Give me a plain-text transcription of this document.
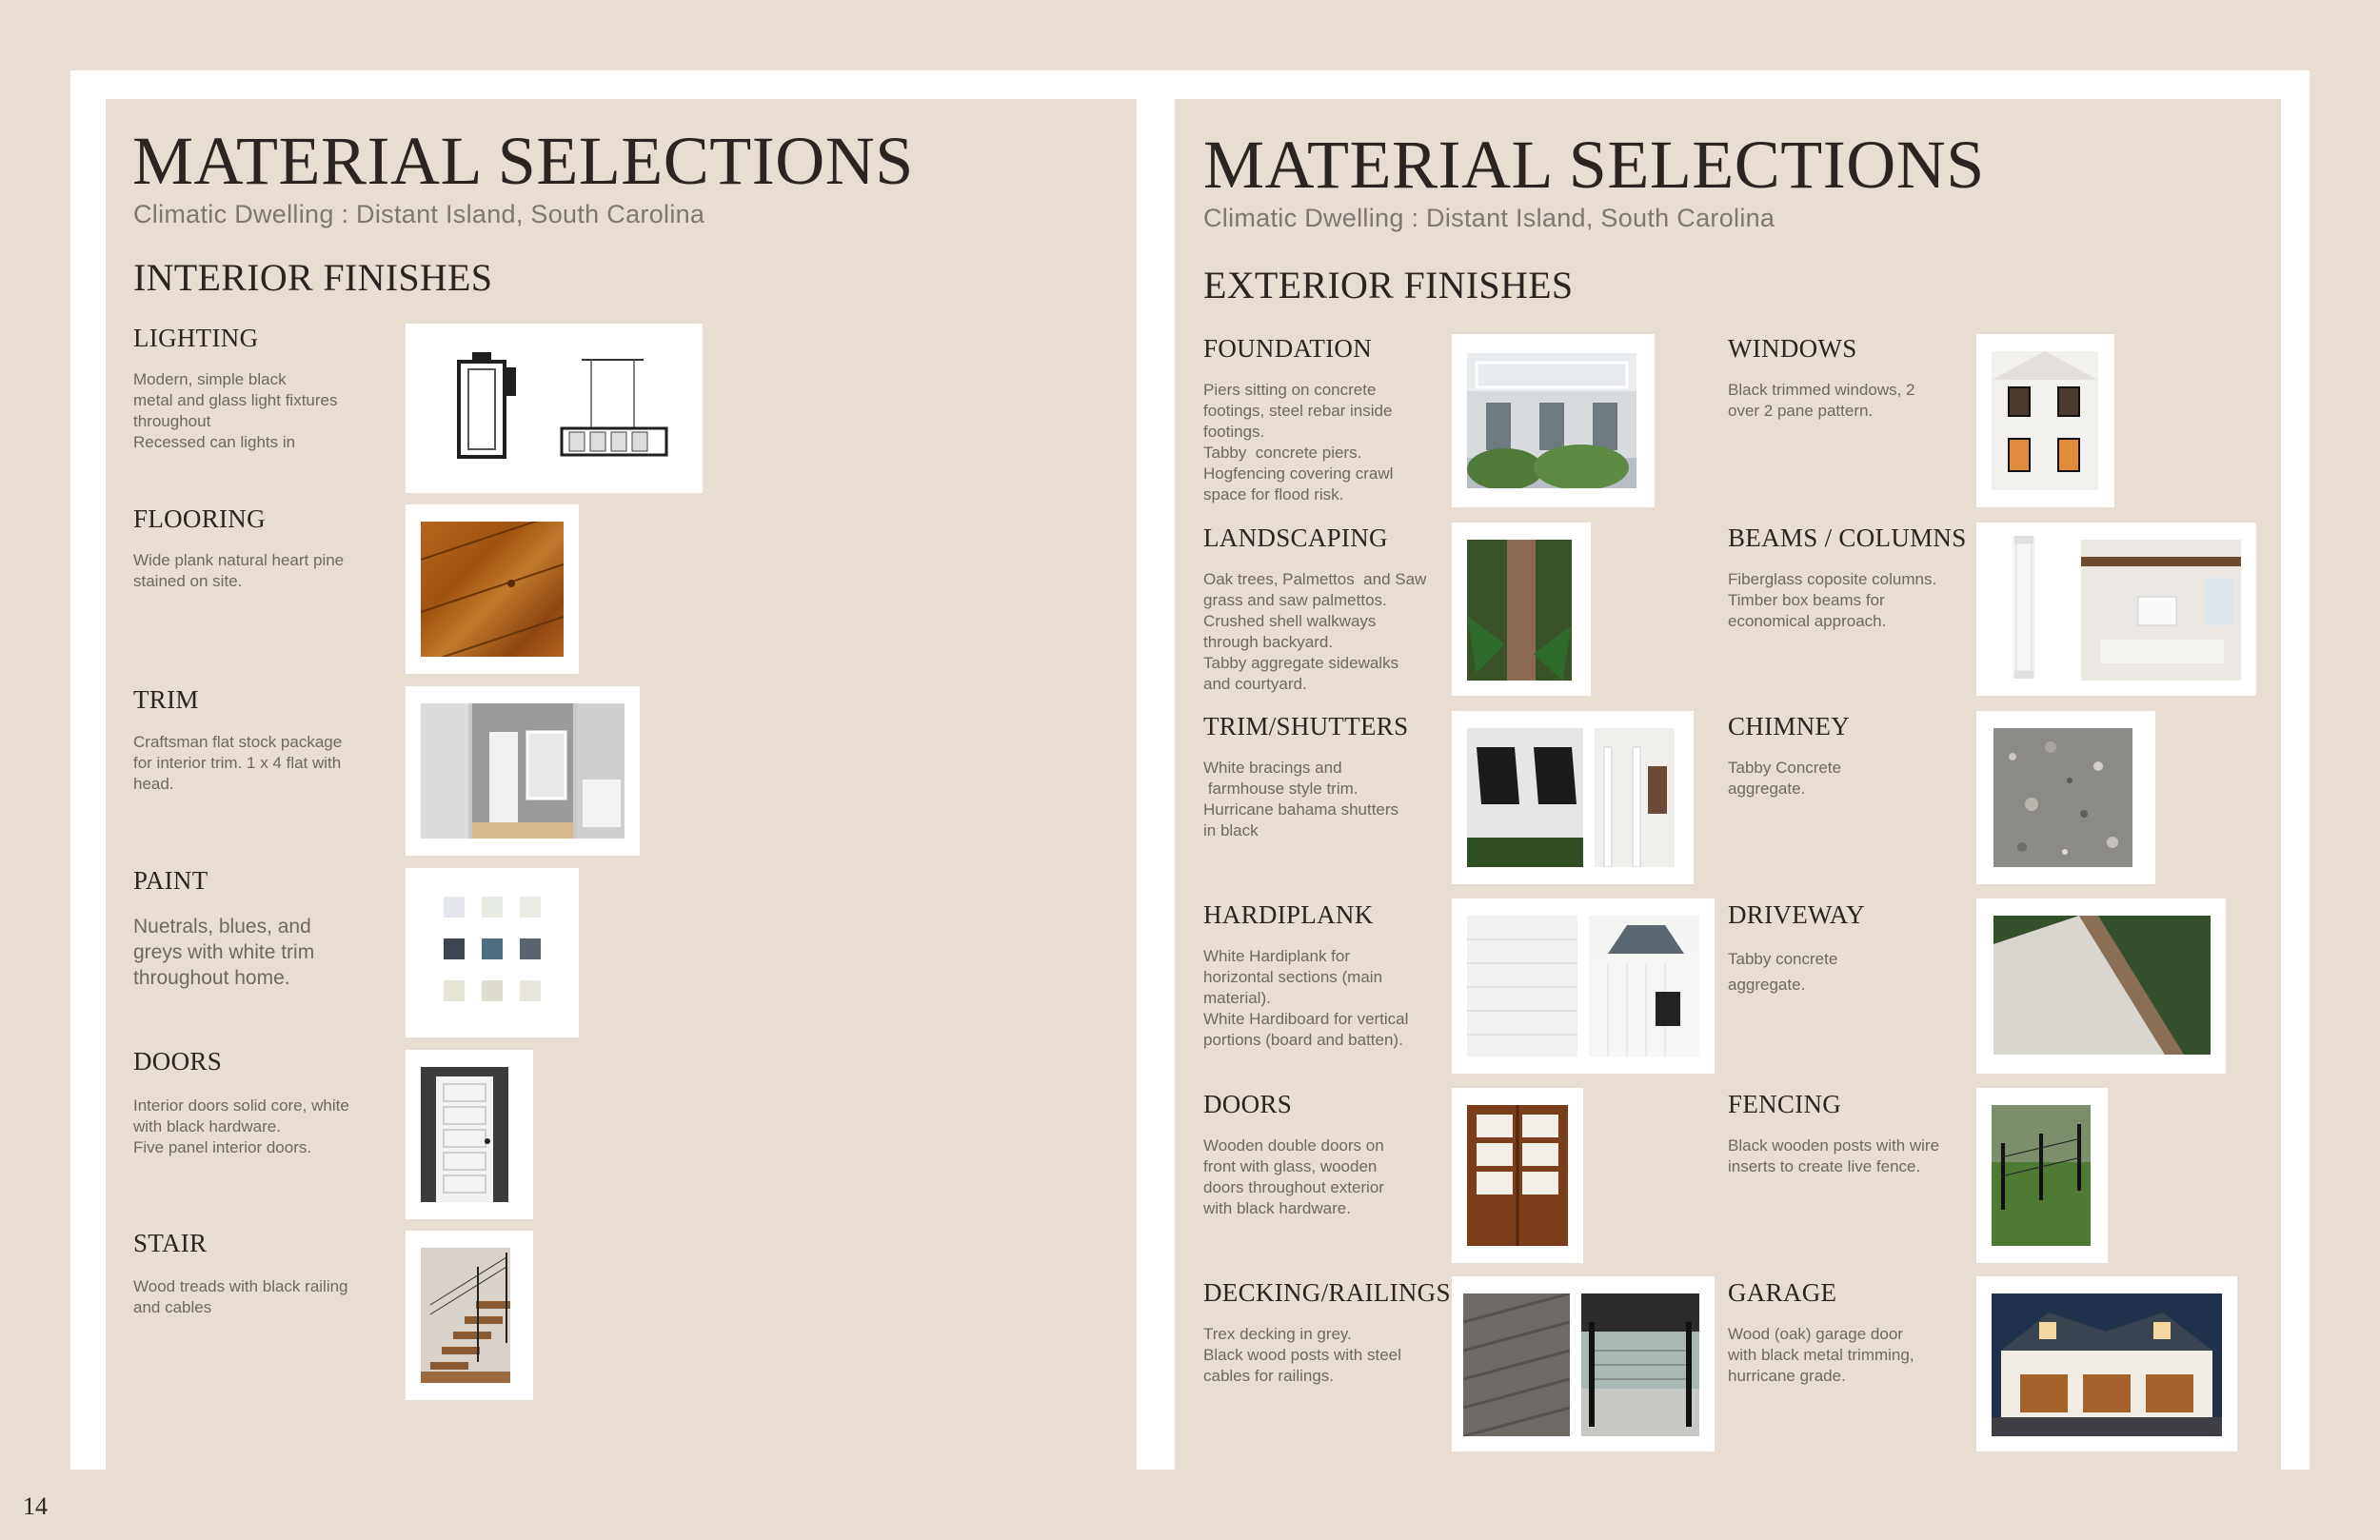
MATERIAL SELECTIONS
Climatic Dwelling : Distant Island, South Carolina
INTERIOR FINISHES
LIGHTING
Modern, simple black
metal and glass light fixtures
throughout
Recessed can lights in
FLOORING
Wide plank natural heart pine
stained on site.
TRIM
Craftsman flat stock package
for interior trim. 1 x 4 flat with
head.
PAINT
Nuetrals, blues, and
greys with white trim
throughout home.
DOORS
Interior doors solid core, white
with black hardware.
Five panel interior doors.
STAIR
Wood treads with black railing
and cables
MATERIAL SELECTIONS
Climatic Dwelling : Distant Island, South Carolina
EXTERIOR FINISHES
FOUNDATION
Piers sitting on concrete
footings, steel rebar inside
footings.
Tabby  concrete piers.
Hogfencing covering crawl
space for flood risk.
LANDSCAPING
Oak trees, Palmettos  and Saw
grass and saw palmettos.
Crushed shell walkways
through backyard.
Tabby aggregate sidewalks
and courtyard.
TRIM/SHUTTERS
White bracings and
farmhouse style trim.
Hurricane bahama shutters
in black
HARDIPLANK
White Hardiplank for
horizontal sections (main
material).
White Hardiboard for vertical
portions (board and batten).
DOORS
Wooden double doors on
front with glass, wooden
doors throughout exterior
with black hardware.
DECKING/RAILINGS
Trex decking in grey.
Black wood posts with steel
cables for railings.
WINDOWS
Black trimmed windows, 2
over 2 pane pattern.
BEAMS / COLUMNS
Fiberglass coposite columns.
Timber box beams for
economical approach.
CHIMNEY
Tabby Concrete
aggregate.
DRIVEWAY
Tabby concrete
aggregate.
FENCING
Black wooden posts with wire
inserts to create live fence.
GARAGE
Wood (oak) garage door
with black metal trimming,
hurricane grade.
14
